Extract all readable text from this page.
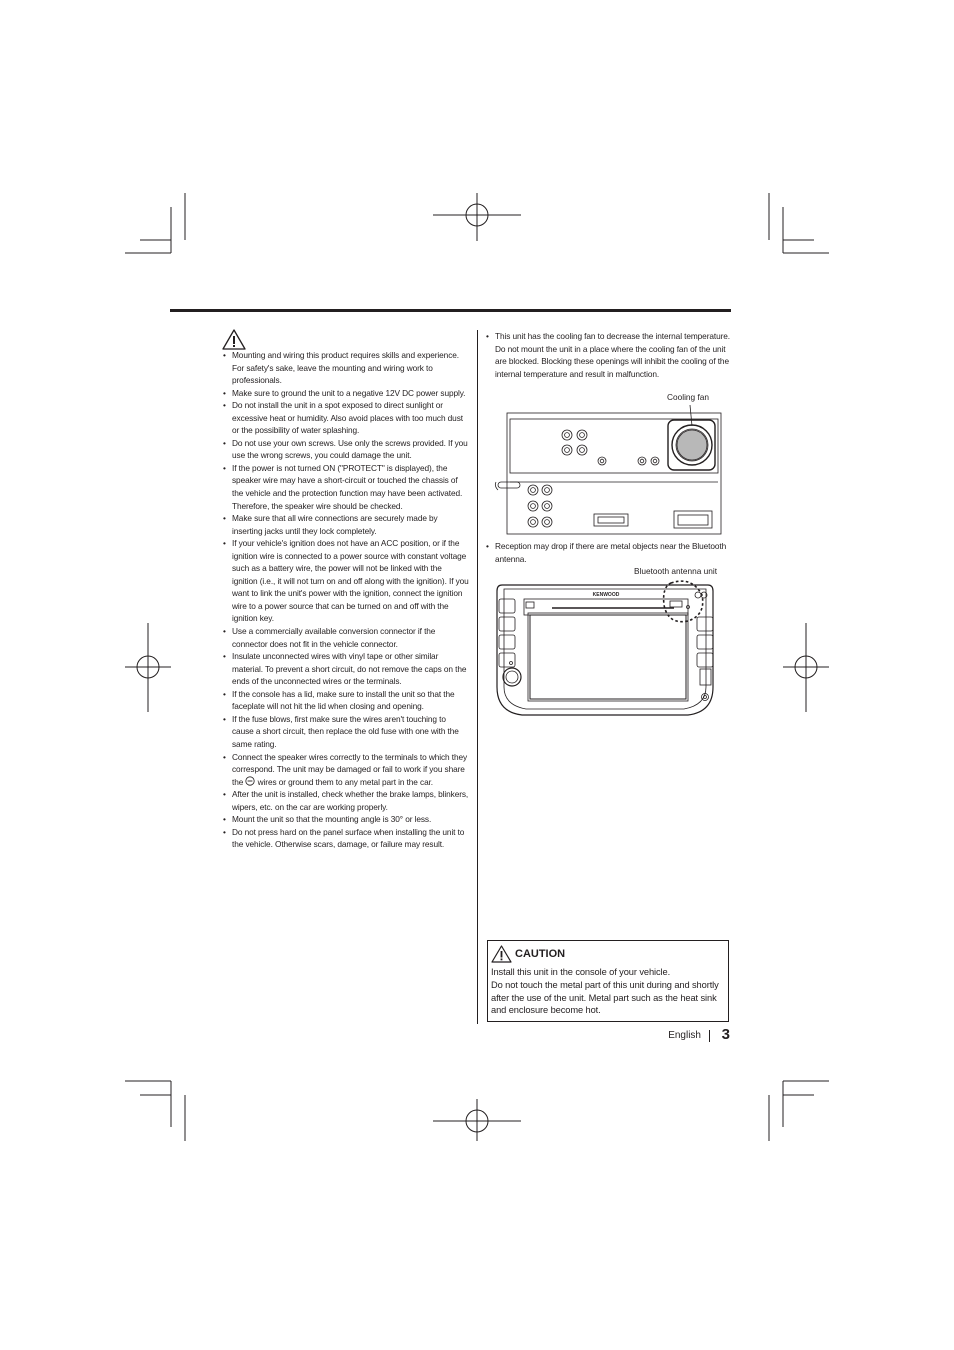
• Mounting and wiring this product requires skills and experience. For safety's sake, leave the mounting and wiring work to professionals.
• Make sure to ground the unit to a negative 12V DC power supply.
• Do not install the unit in a spot exposed to direct sunlight or excessive heat or humidity. Also avoid places with too much dust or the possibility of water splashing.
• Do not use your own screws. Use only the screws provided. If you use the wrong screws, you could damage the unit.
• If the power is not turned ON ("PROTECT" is displayed), the speaker wire may have a short-circuit or touched the chassis of the vehicle and the protection function may have been activated. Therefore, the speaker wire should be checked.
• Make sure that all wire connections are securely made by inserting jacks until they lock completely.
• If your vehicle's ignition does not have an ACC position, or if the ignition wire is connected to a power source with constant voltage such as a battery wire, the power will not be linked with the ignition (i.e., it will not turn on and off along with the ignition). If you want to link the unit's power with the ignition, connect the ignition wire to a power source that can be turned on and off with the ignition key.
• Use a commercially available conversion connector if the connector does not fit in the vehicle connector.
• Insulate unconnected wires with vinyl tape or other similar material. To prevent a short circuit, do not remove the caps on the ends of the unconnected wires or the terminals.
• If the console has a lid, make sure to install the unit so that the faceplate will not hit the lid when closing and opening.
• If the fuse blows, first make sure the wires aren't touching to cause a short circuit, then replace the old fuse with one with the same rating.
• Connect the speaker wires correctly to the terminals to which they correspond. The unit may be damaged or fail to work if you share the wires or ground them to any metal part in the car.
• After the unit is installed, check whether the brake lamps, blinkers, wipers, etc. on the car are working properly.
• Mount the unit so that the mounting angle is 30° or less.
• Do not press hard on the panel surface when installing the unit to the vehicle. Otherwise scars, damage, or failure may result.
• This unit has the cooling fan to decrease the internal temperature. Do not mount the unit in a place where the cooling fan of the unit are blocked. Blocking these openings will inhibit the cooling of the internal temperature and result in malfunction.
Cooling fan
• Reception may drop if there are metal objects near the Bluetooth antenna.
Bluetooth antenna unit
KENWOOD
CAUTION

Install this unit in the console of your vehicle.

Do not touch the metal part of this unit during and shortly after the use of the unit. Metal part such as the heat sink and enclosure become hot.

English 3
